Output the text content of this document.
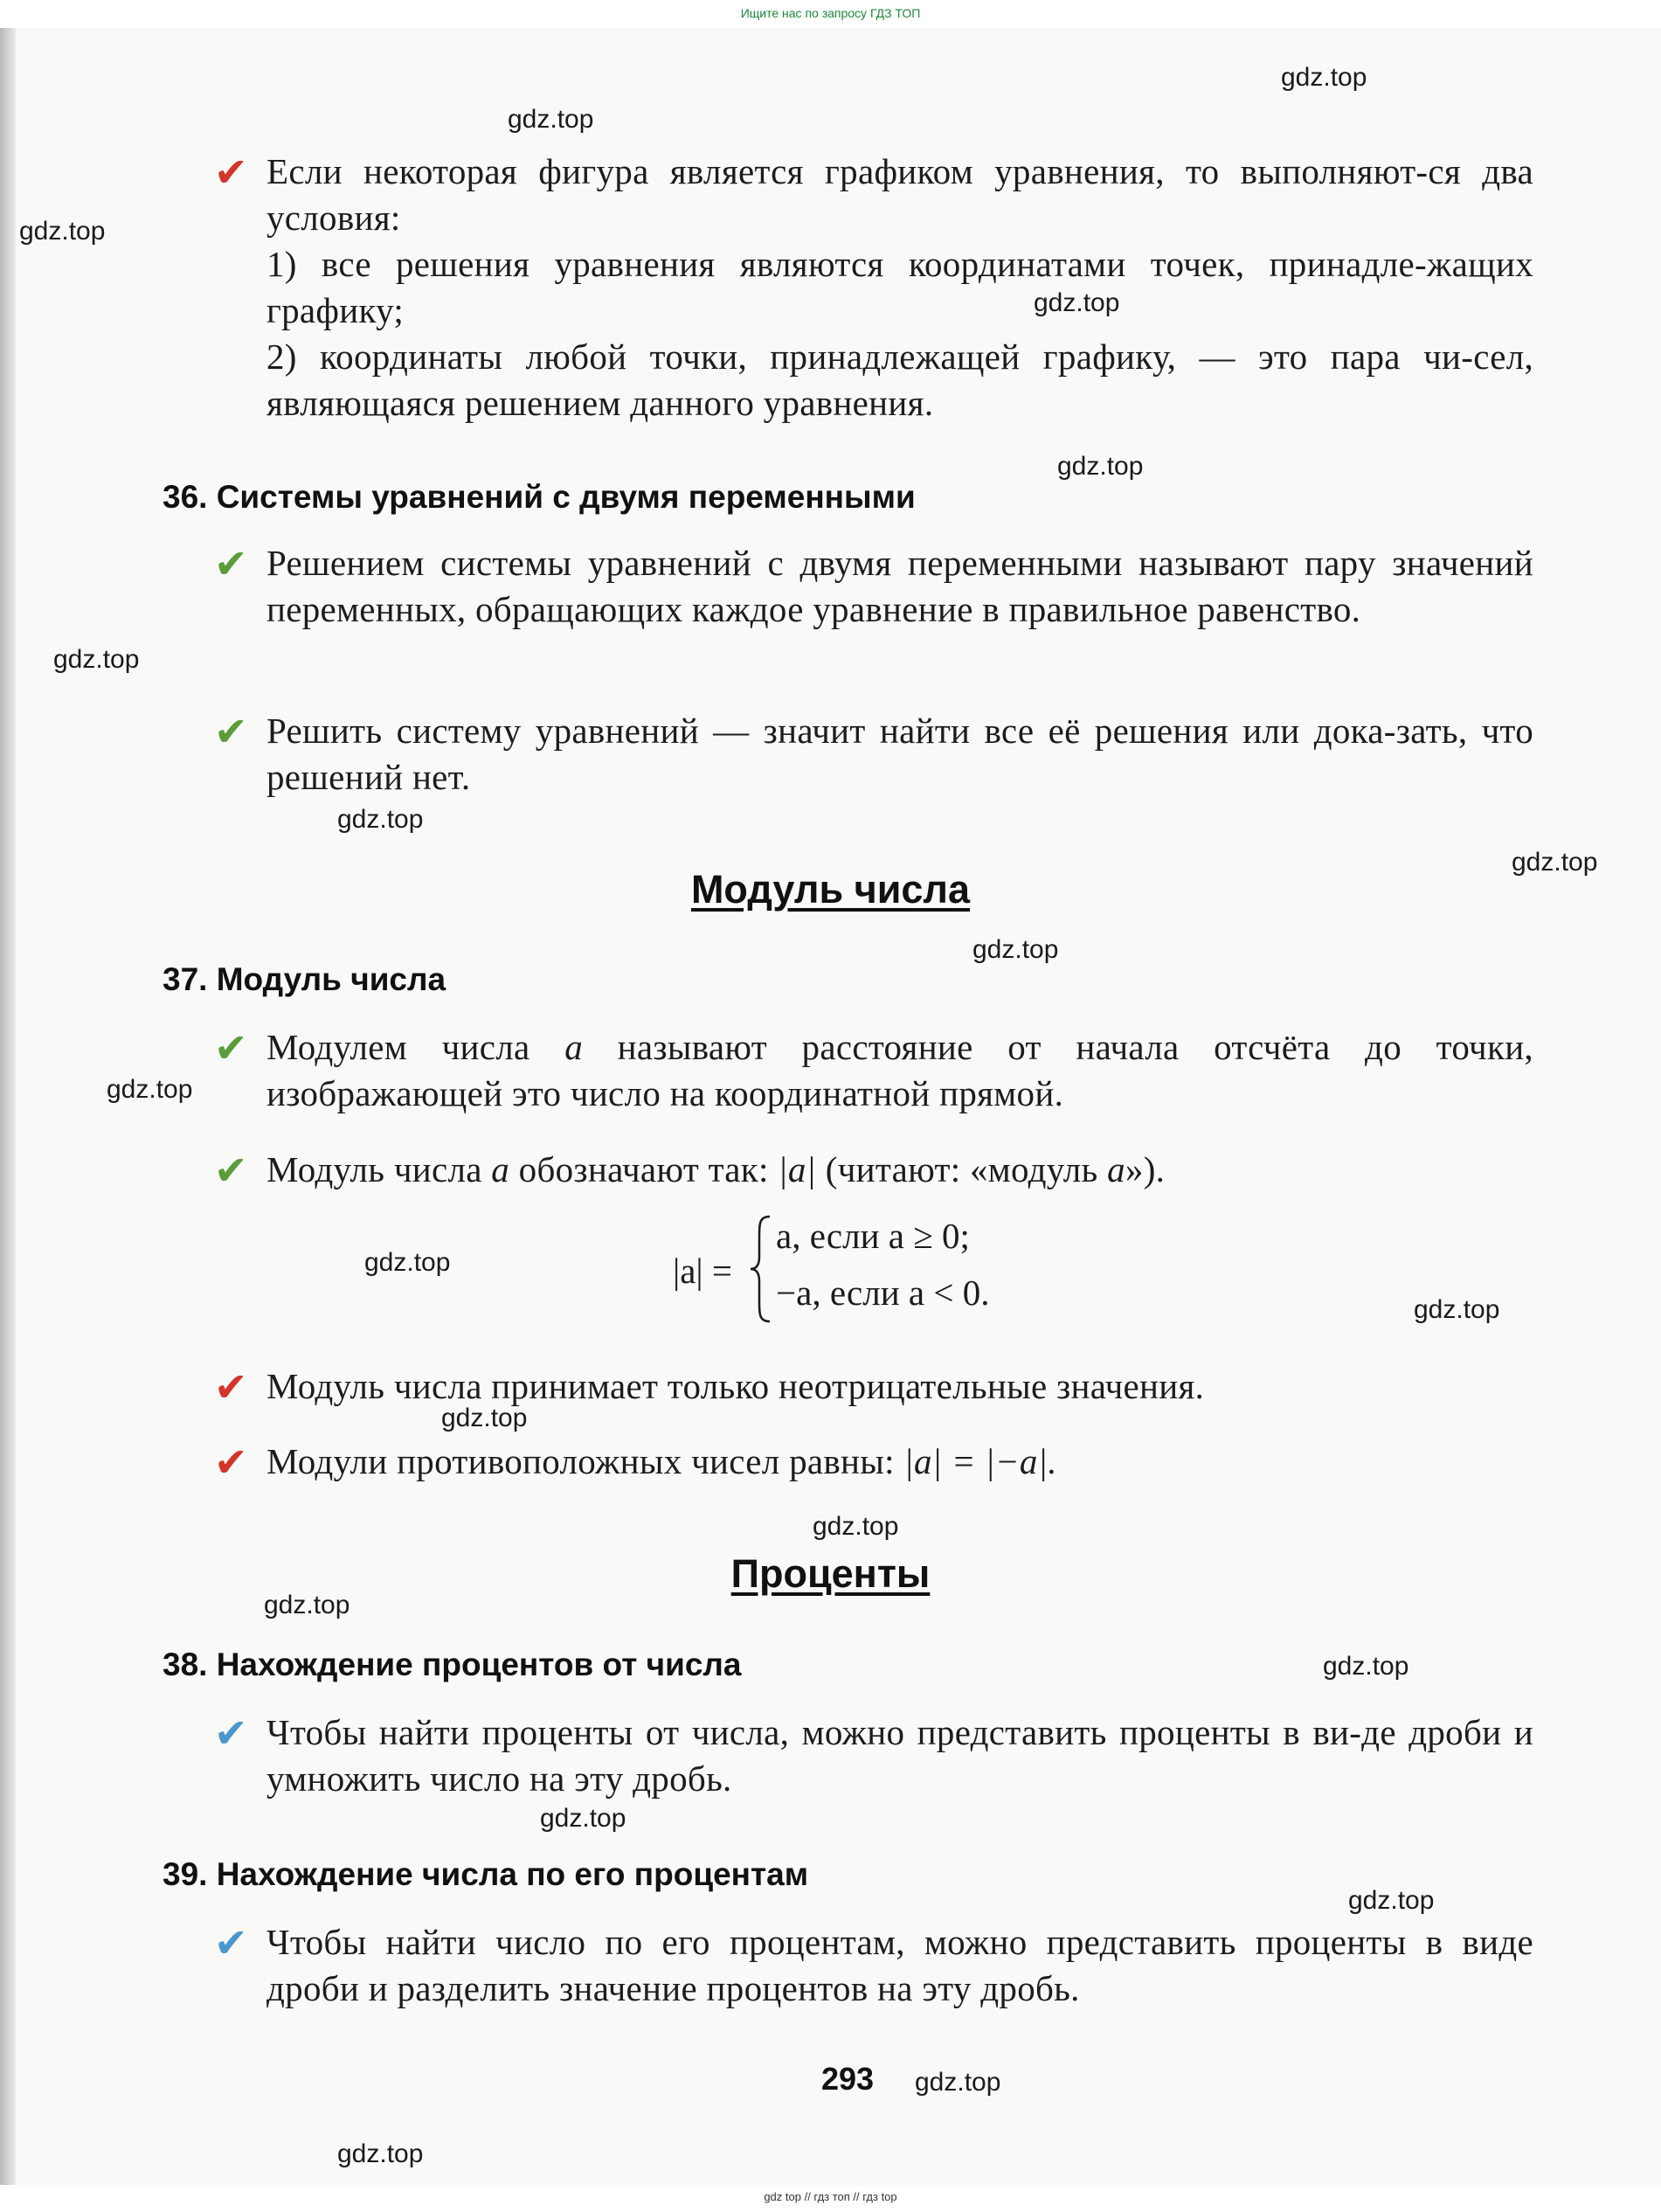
Ищите нас по запросу ГДЗ ТОП
✔ Если некоторая фигура является графиком уравнения, то выполняют-ся два условия:

1) все решения уравнения являются координатами точек, принадле-жащих графику;

2) координаты любой точки, принадлежащей графику, — это пара чи-сел, являющаяся решением данного уравнения.

36. Системы уравнений с двумя переменными
✔ Решением системы уравнений с двумя переменными называют пару значений переменных, обращающих каждое уравнение в правильное равенство.

✔ Решить систему уравнений — значит найти все её решения или дока-зать, что решений нет.

Модуль числа
37. Модуль числа
✔ Модулем числа a называют расстояние от начала отсчёта до точки, изображающей это число на координатной прямой.

✔ Модуль числа a обозначают так: |a| (читают: «модуль a»).

|a| =
a, если a ≥ 0;
−a, если a < 0.
✔ Модуль числа принимает только неотрицательные значения.

✔ Модули противоположных чисел равны: |a| = |−a|.

Проценты
38. Нахождение процентов от числа
✔ Чтобы найти проценты от числа, можно представить проценты в ви-де дроби и умножить число на эту дробь.

39. Нахождение числа по его процентам
✔ Чтобы найти число по его процентам, можно представить проценты в виде дроби и разделить значение процентов на эту дробь.

293
gdz.top
gdz.top
gdz.top
gdz.top
gdz.top
gdz.top
gdz.top
gdz.top
gdz.top
gdz.top
gdz.top
gdz.top
gdz.top
gdz.top
gdz.top
gdz.top
gdz.top
gdz.top
gdz.top
gdz.top
gdz top // гдз топ // гдз top
